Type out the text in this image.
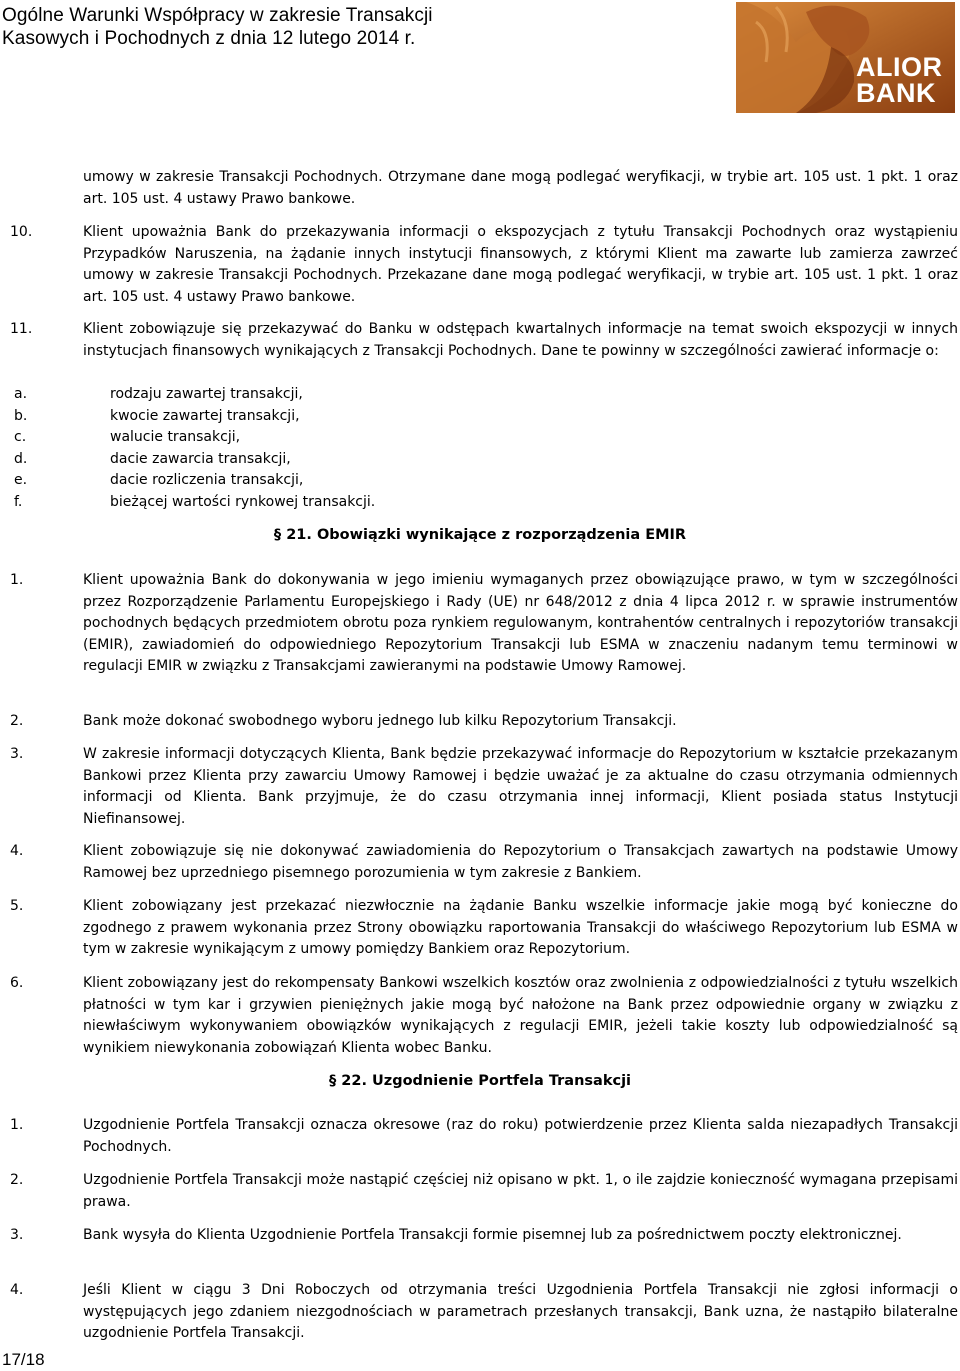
Ogólne Warunki Współpracy w zakresie Transakcji
Kasowych i Pochodnych z dnia 12 lutego 2014 r.
ALIOR
BANK
umowy w zakresie Transakcji Pochodnych. Otrzymane dane mogą podlegać weryfikacji, w trybie art. 105 ust. 1 pkt. 1 oraz art. 105 ust. 4 ustawy Prawo bankowe.
10.	Klient upoważnia Bank do przekazywania informacji o ekspozycjach z tytułu Transakcji Pochodnych oraz wystąpieniu Przypadków Naruszenia, na żądanie innych instytucji finansowych, z którymi Klient ma zawarte lub zamierza zawrzeć umowy w zakresie Transakcji Pochodnych. Przekazane dane mogą podlegać weryfikacji, w trybie art. 105 ust. 1 pkt. 1 oraz art. 105 ust. 4 ustawy Prawo bankowe.
11.	Klient zobowiązuje się przekazywać do Banku w odstępach kwartalnych informacje na temat swoich ekspozycji w innych instytucjach finansowych wynikających z Transakcji Pochodnych. Dane te powinny w szczególności zawierać informacje o:
a.	rodzaju zawartej transakcji,
b.	kwocie zawartej transakcji,
c.	walucie transakcji,
d.	dacie zawarcia transakcji,
e.	dacie rozliczenia transakcji,
f.	bieżącej wartości rynkowej transakcji.
§ 21. Obowiązki wynikające z rozporządzenia EMIR
1.	Klient upoważnia Bank do dokonywania w jego imieniu wymaganych przez obowiązujące prawo, w tym w szczególności przez Rozporządzenie Parlamentu Europejskiego i Rady (UE) nr 648/2012 z dnia 4 lipca 2012 r. w sprawie instrumentów pochodnych będących przedmiotem obrotu poza rynkiem regulowanym, kontrahentów centralnych i repozytoriów transakcji (EMIR), zawiadomień do odpowiedniego Repozytorium Transakcji lub ESMA w znaczeniu nadanym temu terminowi w regulacji EMIR w związku z Transakcjami zawieranymi na podstawie Umowy Ramowej.
2.	Bank może dokonać swobodnego wyboru jednego lub kilku Repozytorium Transakcji.
3.	W zakresie informacji dotyczących Klienta, Bank będzie przekazywać informacje do Repozytorium w kształcie przekazanym Bankowi przez Klienta przy zawarciu Umowy Ramowej i będzie uważać je za aktualne do czasu otrzymania odmiennych informacji od Klienta. Bank przyjmuje, że do czasu otrzymania innej informacji, Klient posiada status Instytucji Niefinansowej.
4.	Klient zobowiązuje się nie dokonywać zawiadomienia do Repozytorium o Transakcjach zawartych na podstawie Umowy Ramowej bez uprzedniego pisemnego porozumienia w tym zakresie z Bankiem.
5.	Klient zobowiązany jest przekazać niezwłocznie na żądanie Banku wszelkie informacje jakie mogą być konieczne do zgodnego z prawem wykonania przez Strony obowiązku raportowania Transakcji do właściwego Repozytorium lub ESMA w tym w zakresie wynikającym z umowy pomiędzy Bankiem oraz Repozytorium.
6.	Klient zobowiązany jest do rekompensaty Bankowi wszelkich kosztów oraz zwolnienia z odpowiedzialności z tytułu wszelkich płatności w tym kar i grzywien pieniężnych jakie mogą być nałożone na Bank przez odpowiednie organy w związku z niewłaściwym wykonywaniem obowiązków wynikających z regulacji EMIR, jeżeli takie koszty lub odpowiedzialność są wynikiem niewykonania zobowiązań Klienta wobec Banku.
§ 22. Uzgodnienie Portfela Transakcji
1.	Uzgodnienie Portfela Transakcji oznacza okresowe (raz do roku) potwierdzenie przez Klienta salda niezapadłych Transakcji Pochodnych.
2.	Uzgodnienie Portfela Transakcji może nastąpić częściej niż opisano w pkt. 1, o ile zajdzie konieczność wymagana przepisami prawa.
3.	Bank wysyła do Klienta Uzgodnienie Portfela Transakcji formie pisemnej lub za pośrednictwem poczty elektronicznej.
4.	Jeśli Klient w ciągu 3 Dni Roboczych od otrzymania treści Uzgodnienia Portfela Transakcji nie zgłosi informacji o występujących jego zdaniem niezgodnościach w parametrach przesłanych transakcji, Bank uzna, że nastąpiło bilateralne uzgodnienie Portfela Transakcji.
17/18
